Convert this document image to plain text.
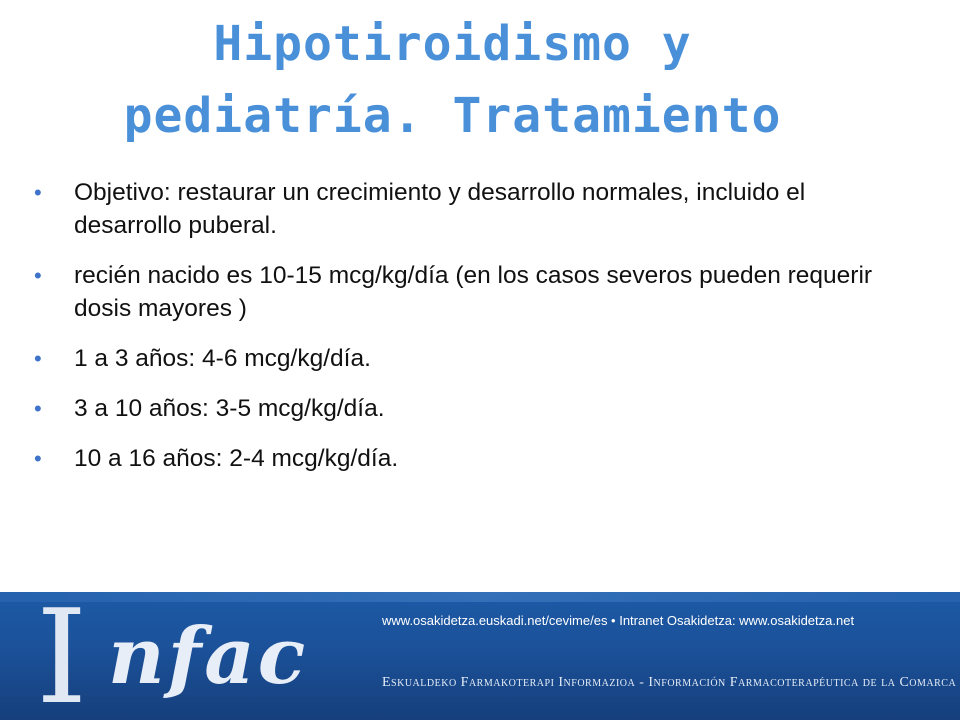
Hipotiroidismo y
pediatría. Tratamiento
• Objetivo: restaurar un crecimiento y desarrollo normales, incluido el desarrollo puberal.
• recién nacido es 10-15 mcg/kg/día (en los casos severos pueden requerir dosis mayores )
• 1 a 3 años: 4-6 mcg/kg/día.
• 3 a 10 años: 3-5 mcg/kg/día.
• 10 a 16 años: 2-4 mcg/kg/día.
I nfac	www.osakidetza.euskadi.net/cevime/es • Intranet Osakidetza: www.osakidetza.net
Eskualdeko Farmakoterapi Informazioa - Información Farmacoterapéutica de la Comarca
